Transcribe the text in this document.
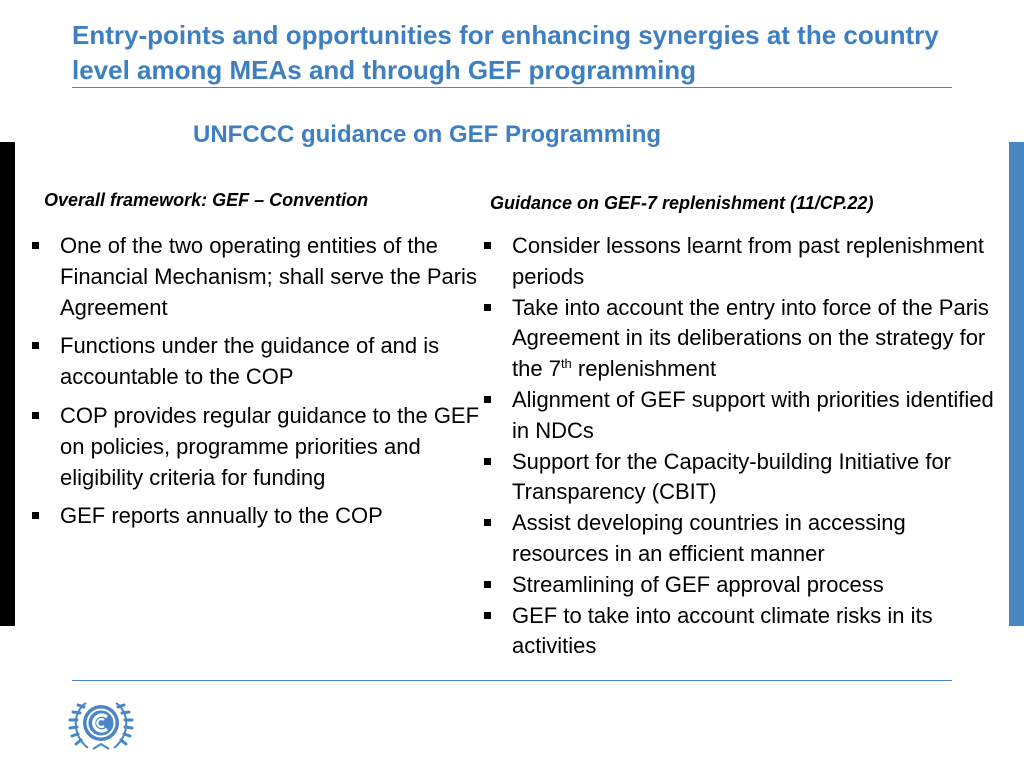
Entry-points and opportunities for enhancing synergies at the country level among MEAs and through GEF programming
UNFCCC guidance on GEF Programming
Overall framework: GEF – Convention	Guidance on GEF-7 replenishment (11/CP.22)
One of the two operating entities of the Financial Mechanism; shall serve the Paris Agreement
Functions under the guidance of and is accountable to the COP
COP provides regular guidance to the GEF on policies, programme priorities and eligibility criteria for funding
GEF reports annually to the COP
Consider lessons learnt from past replenishment periods
Take into account the entry into force of the Paris Agreement in its deliberations on the strategy for the 7th replenishment
Alignment of GEF support with priorities identified in NDCs
Support for the Capacity-building Initiative for Transparency (CBIT)
Assist developing countries in accessing resources in an efficient manner
Streamlining of GEF approval process
GEF to take into account climate risks in its activities
